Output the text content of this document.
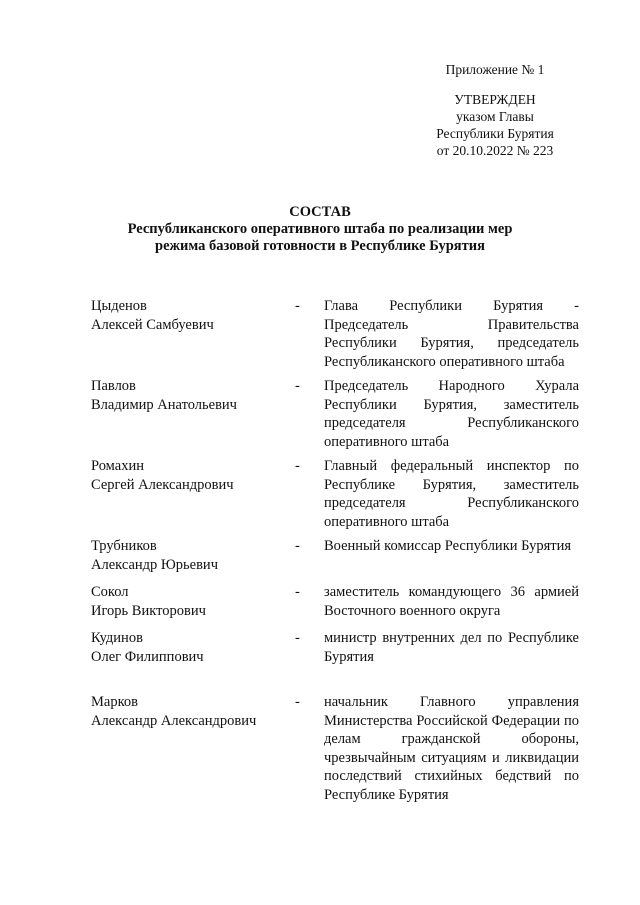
Приложение № 1
УТВЕРЖДЕН
указом Главы
Республики Бурятия
от 20.10.2022 № 223
СОСТАВ
Республиканского оперативного штаба по реализации мер
режима базовой готовности в Республике Бурятия
Цыденов
Алексей Самбуевич
- Глава Республики Бурятия - Председатель Правительства Республики Бурятия, председатель Республиканского оперативного штаба
Павлов
Владимир Анатольевич
- Председатель Народного Хурала Республики Бурятия, заместитель председателя Республиканского оперативного штаба
Ромахин
Сергей Александрович
- Главный федеральный инспектор по Республике Бурятия, заместитель председателя Республиканского оперативного штаба
Трубников
Александр Юрьевич
- Военный комиссар Республики Бурятия
Сокол
Игорь Викторович
- заместитель командующего 36 армией Восточного военного округа
Кудинов
Олег Филиппович
- министр внутренних дел по Республике Бурятия
Марков
Александр Александрович
- начальник Главного управления Министерства Российской Федерации по делам гражданской обороны, чрезвычайным ситуациям и ликвидации последствий стихийных бедствий по Республике Бурятия
